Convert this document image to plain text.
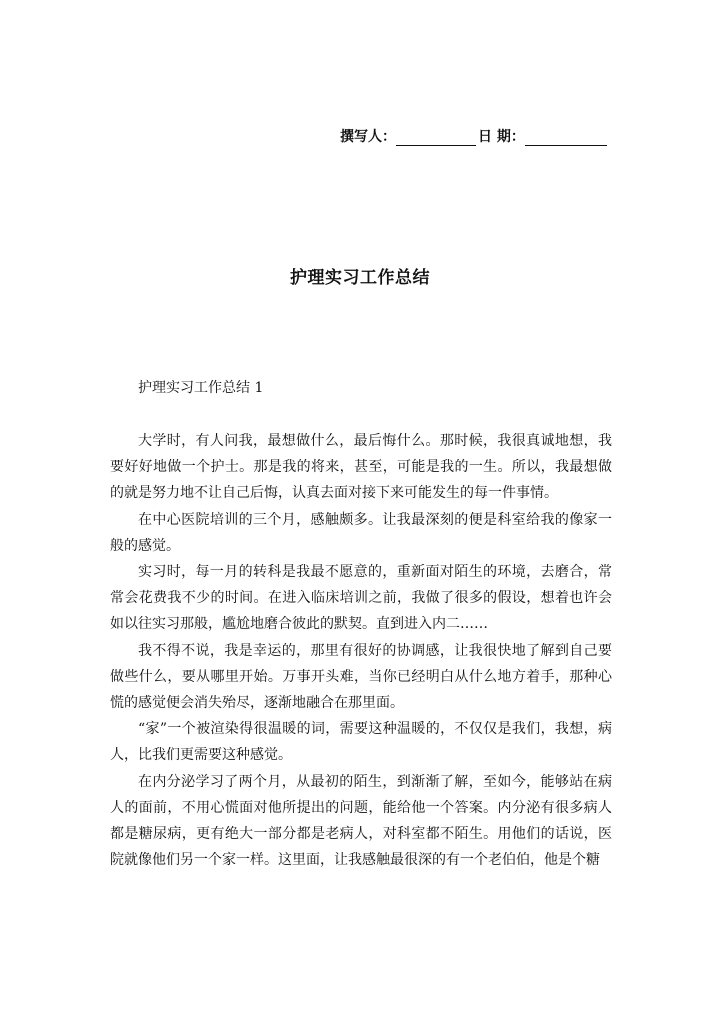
撰写人：	日 期：
护理实习工作总结
护理实习工作总结 1

大学时，有人问我，最想做什么，最后悔什么。那时候，我很真诚地想，我要好好地做一个护士。那是我的将来，甚至，可能是我的一生。所以，我最想做的就是努力地不让自己后悔，认真去面对接下来可能发生的每一件事情。

在中心医院培训的三个月，感触颇多。让我最深刻的便是科室给我的像家一般的感觉。

实习时，每一月的转科是我最不愿意的，重新面对陌生的环境，去磨合，常常会花费我不少的时间。在进入临床培训之前，我做了很多的假设，想着也许会如以往实习那般，尴尬地磨合彼此的默契。直到进入内二……

我不得不说，我是幸运的，那里有很好的协调感，让我很快地了解到自己要做些什么，要从哪里开始。万事开头难，当你已经明白从什么地方着手，那种心慌的感觉便会消失殆尽，逐渐地融合在那里面。

“家”一个被渲染得很温暖的词，需要这种温暖的，不仅仅是我们，我想，病人，比我们更需要这种感觉。

在内分泌学习了两个月，从最初的陌生，到渐渐了解，至如今，能够站在病人的面前，不用心慌面对他所提出的问题，能给他一个答案。内分泌有很多病人都是糖尿病，更有绝大一部分都是老病人，对科室都不陌生。用他们的话说，医院就像他们另一个家一样。这里面，让我感触最很深的有一个老伯伯，他是个糖
